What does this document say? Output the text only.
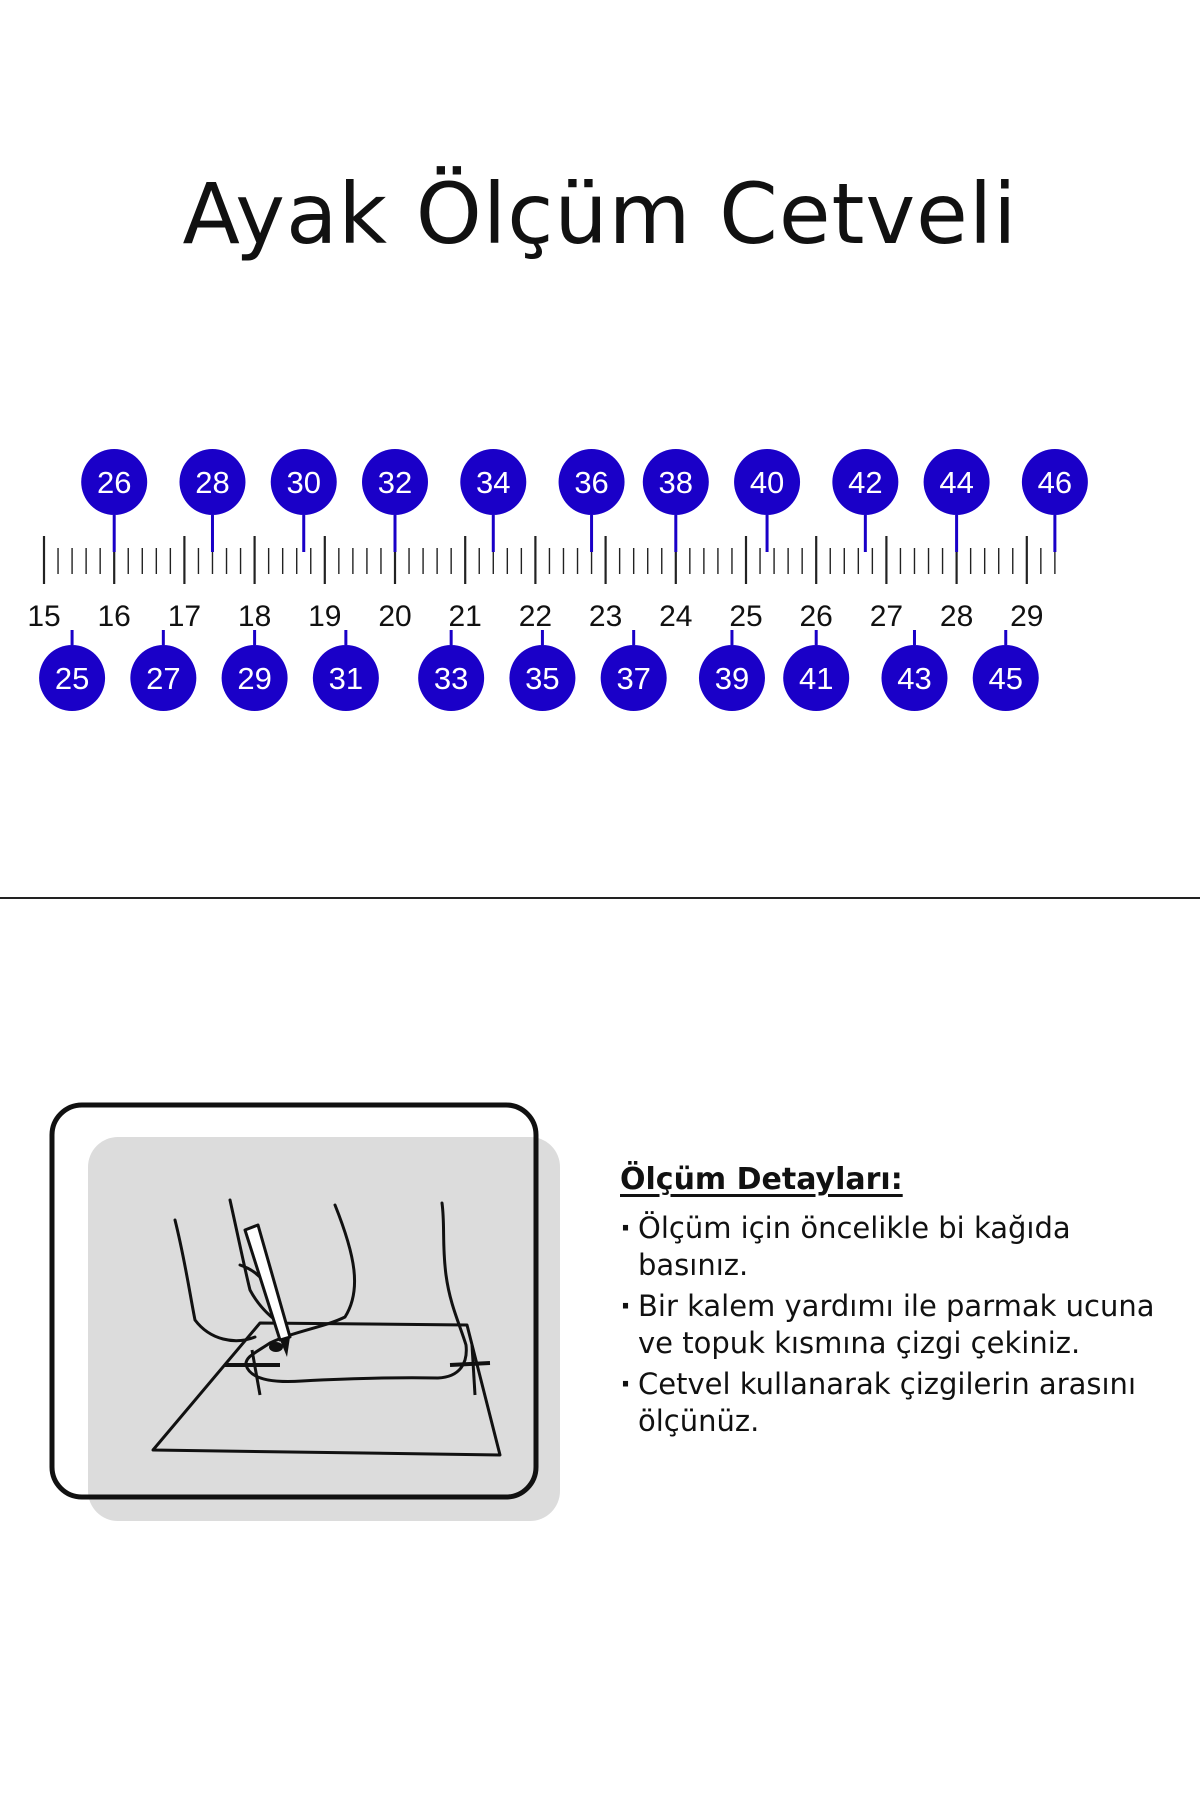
Ayak Ölçüm Cetveli
15 16 17 18 19 20 21 22 23 24 25 26 27 28 29
26 28 30 32 34 36 38 40 42 44 46
25 27 29 31 33 35 37 39 41 43 45
Ölçüm Detayları:
· Ölçüm için öncelikle bi kağıda basınız.
· Bir kalem yardımı ile parmak ucuna ve topuk kısmına çizgi çekiniz.
· Cetvel kullanarak çizgilerin arasını ölçünüz.
